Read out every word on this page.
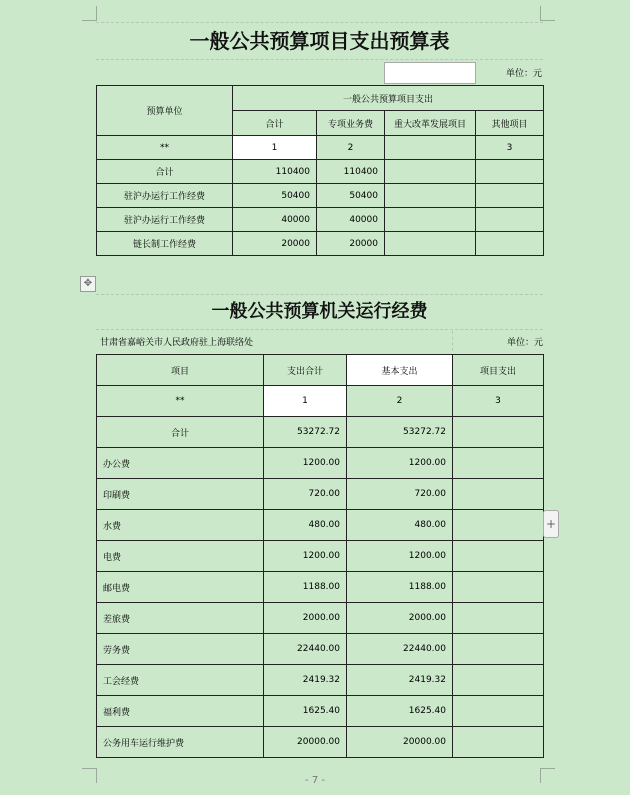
一般公共预算项目支出预算表
单位：元
预算单位	一般公共预算项目支出			
	合计	专项业务费	重大改革发展项目	其他项目
**	1	2		3
合计	110400	110400		
驻沪办运行工作经费	50400	50400		
驻沪办运行工作经费	40000	40000		
链长制工作经费	20000	20000		
✥
一般公共预算机关运行经费
甘肃省嘉峪关市人民政府驻上海联络处	单位：元
项目	支出合计	基本支出	项目支出
**	1	2	3
合计	53272.72	53272.72	
办公费	1200.00	1200.00	
印刷费	720.00	720.00	
水费	480.00	480.00	
电费	1200.00	1200.00	
邮电费	1188.00	1188.00	
差旅费	2000.00	2000.00	
劳务费	22440.00	22440.00	
工会经费	2419.32	2419.32	
福利费	1625.40	1625.40	
公务用车运行维护费	20000.00	20000.00	
+
- 7 -
